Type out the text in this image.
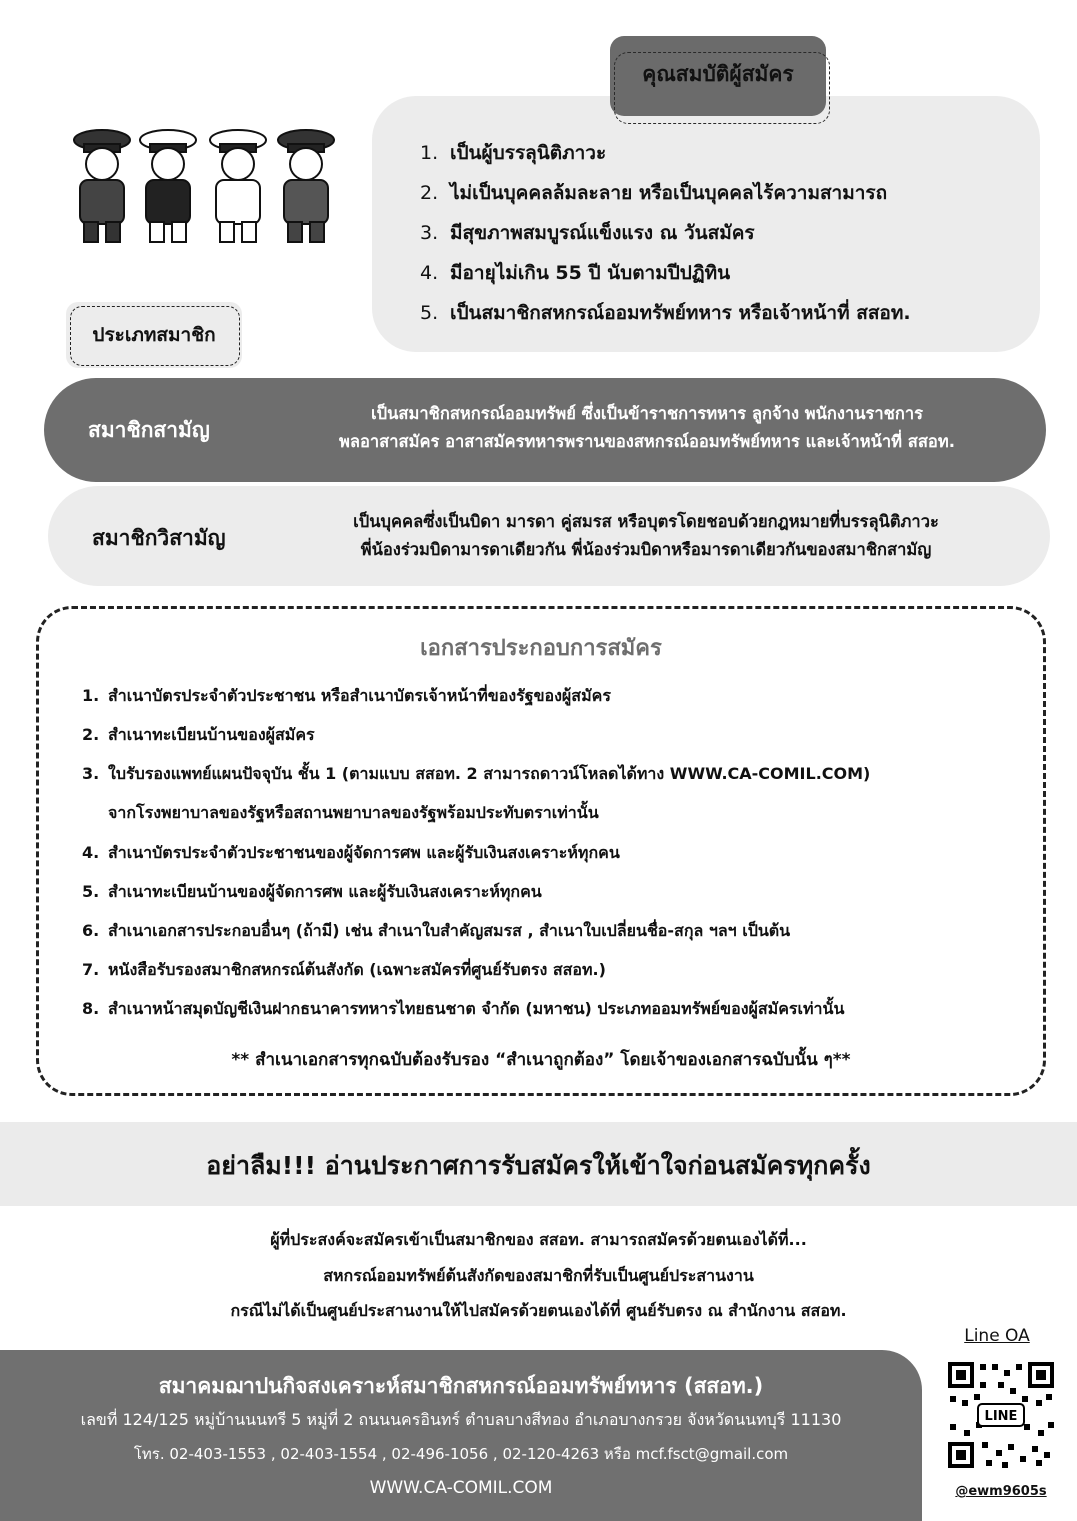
คุณสมบัติผู้สมัคร
1. เป็นผู้บรรลุนิติภาวะ
2. ไม่เป็นบุคคลล้มละลาย หรือเป็นบุคคลไร้ความสามารถ
3. มีสุขภาพสมบูรณ์แข็งแรง ณ วันสมัคร
4. มีอายุไม่เกิน 55 ปี นับตามปีปฏิทิน
5. เป็นสมาชิกสหกรณ์ออมทรัพย์ทหาร หรือเจ้าหน้าที่ สสอท.
ประเภทสมาชิก
สมาชิกสามัญ
เป็นสมาชิกสหกรณ์ออมทรัพย์ ซึ่งเป็นข้าราชการทหาร ลูกจ้าง พนักงานราชการ
พลอาสาสมัคร อาสาสมัครทหารพรานของสหกรณ์ออมทรัพย์ทหาร และเจ้าหน้าที่ สสอท.
สมาชิกวิสามัญ
เป็นบุคคลซึ่งเป็นบิดา มารดา คู่สมรส หรือบุตรโดยชอบด้วยกฎหมายที่บรรลุนิติภาวะ
พี่น้องร่วมบิดามารดาเดียวกัน พี่น้องร่วมบิดาหรือมารดาเดียวกันของสมาชิกสามัญ
เอกสารประกอบการสมัคร
1. สำเนาบัตรประจำตัวประชาชน หรือสำเนาบัตรเจ้าหน้าที่ของรัฐของผู้สมัคร
2. สำเนาทะเบียนบ้านของผู้สมัคร
3. ใบรับรองแพทย์แผนปัจจุบัน ชั้น 1 (ตามแบบ สสอท. 2 สามารถดาวน์โหลดได้ทาง WWW.CA-COMIL.COM)
จากโรงพยาบาลของรัฐหรือสถานพยาบาลของรัฐพร้อมประทับตราเท่านั้น
4. สำเนาบัตรประจำตัวประชาชนของผู้จัดการศพ และผู้รับเงินสงเคราะห์ทุกคน
5. สำเนาทะเบียนบ้านของผู้จัดการศพ และผู้รับเงินสงเคราะห์ทุกคน
6. สำเนาเอกสารประกอบอื่นๆ (ถ้ามี) เช่น สำเนาใบสำคัญสมรส , สำเนาใบเปลี่ยนชื่อ-สกุล ฯลฯ เป็นต้น
7. หนังสือรับรองสมาชิกสหกรณ์ต้นสังกัด (เฉพาะสมัครที่ศูนย์รับตรง สสอท.)
8. สำเนาหน้าสมุดบัญชีเงินฝากธนาคารทหารไทยธนชาต จำกัด (มหาชน) ประเภทออมทรัพย์ของผู้สมัครเท่านั้น
** สำเนาเอกสารทุกฉบับต้องรับรอง “สำเนาถูกต้อง” โดยเจ้าของเอกสารฉบับนั้น ๆ**
อย่าลืม!!! อ่านประกาศการรับสมัครให้เข้าใจก่อนสมัครทุกครั้ง
ผู้ที่ประสงค์จะสมัครเข้าเป็นสมาชิกของ สสอท. สามารถสมัครด้วยตนเองได้ที่...
สหกรณ์ออมทรัพย์ต้นสังกัดของสมาชิกที่รับเป็นศูนย์ประสานงาน
กรณีไม่ได้เป็นศูนย์ประสานงานให้ไปสมัครด้วยตนเองได้ที่ ศูนย์รับตรง ณ สำนักงาน สสอท.
สมาคมฌาปนกิจสงเคราะห์สมาชิกสหกรณ์ออมทรัพย์ทหาร (สสอท.)
เลขที่ 124/125 หมู่บ้านนนทรี 5 หมู่ที่ 2 ถนนนครอินทร์ ตำบลบางสีทอง อำเภอบางกรวย จังหวัดนนทบุรี 11130
โทร. 02-403-1553 , 02-403-1554 , 02-496-1056 , 02-120-4263 หรือ mcf.fsct@gmail.com
WWW.CA-COMIL.COM
Line OA
LINE
@ewm9605s
